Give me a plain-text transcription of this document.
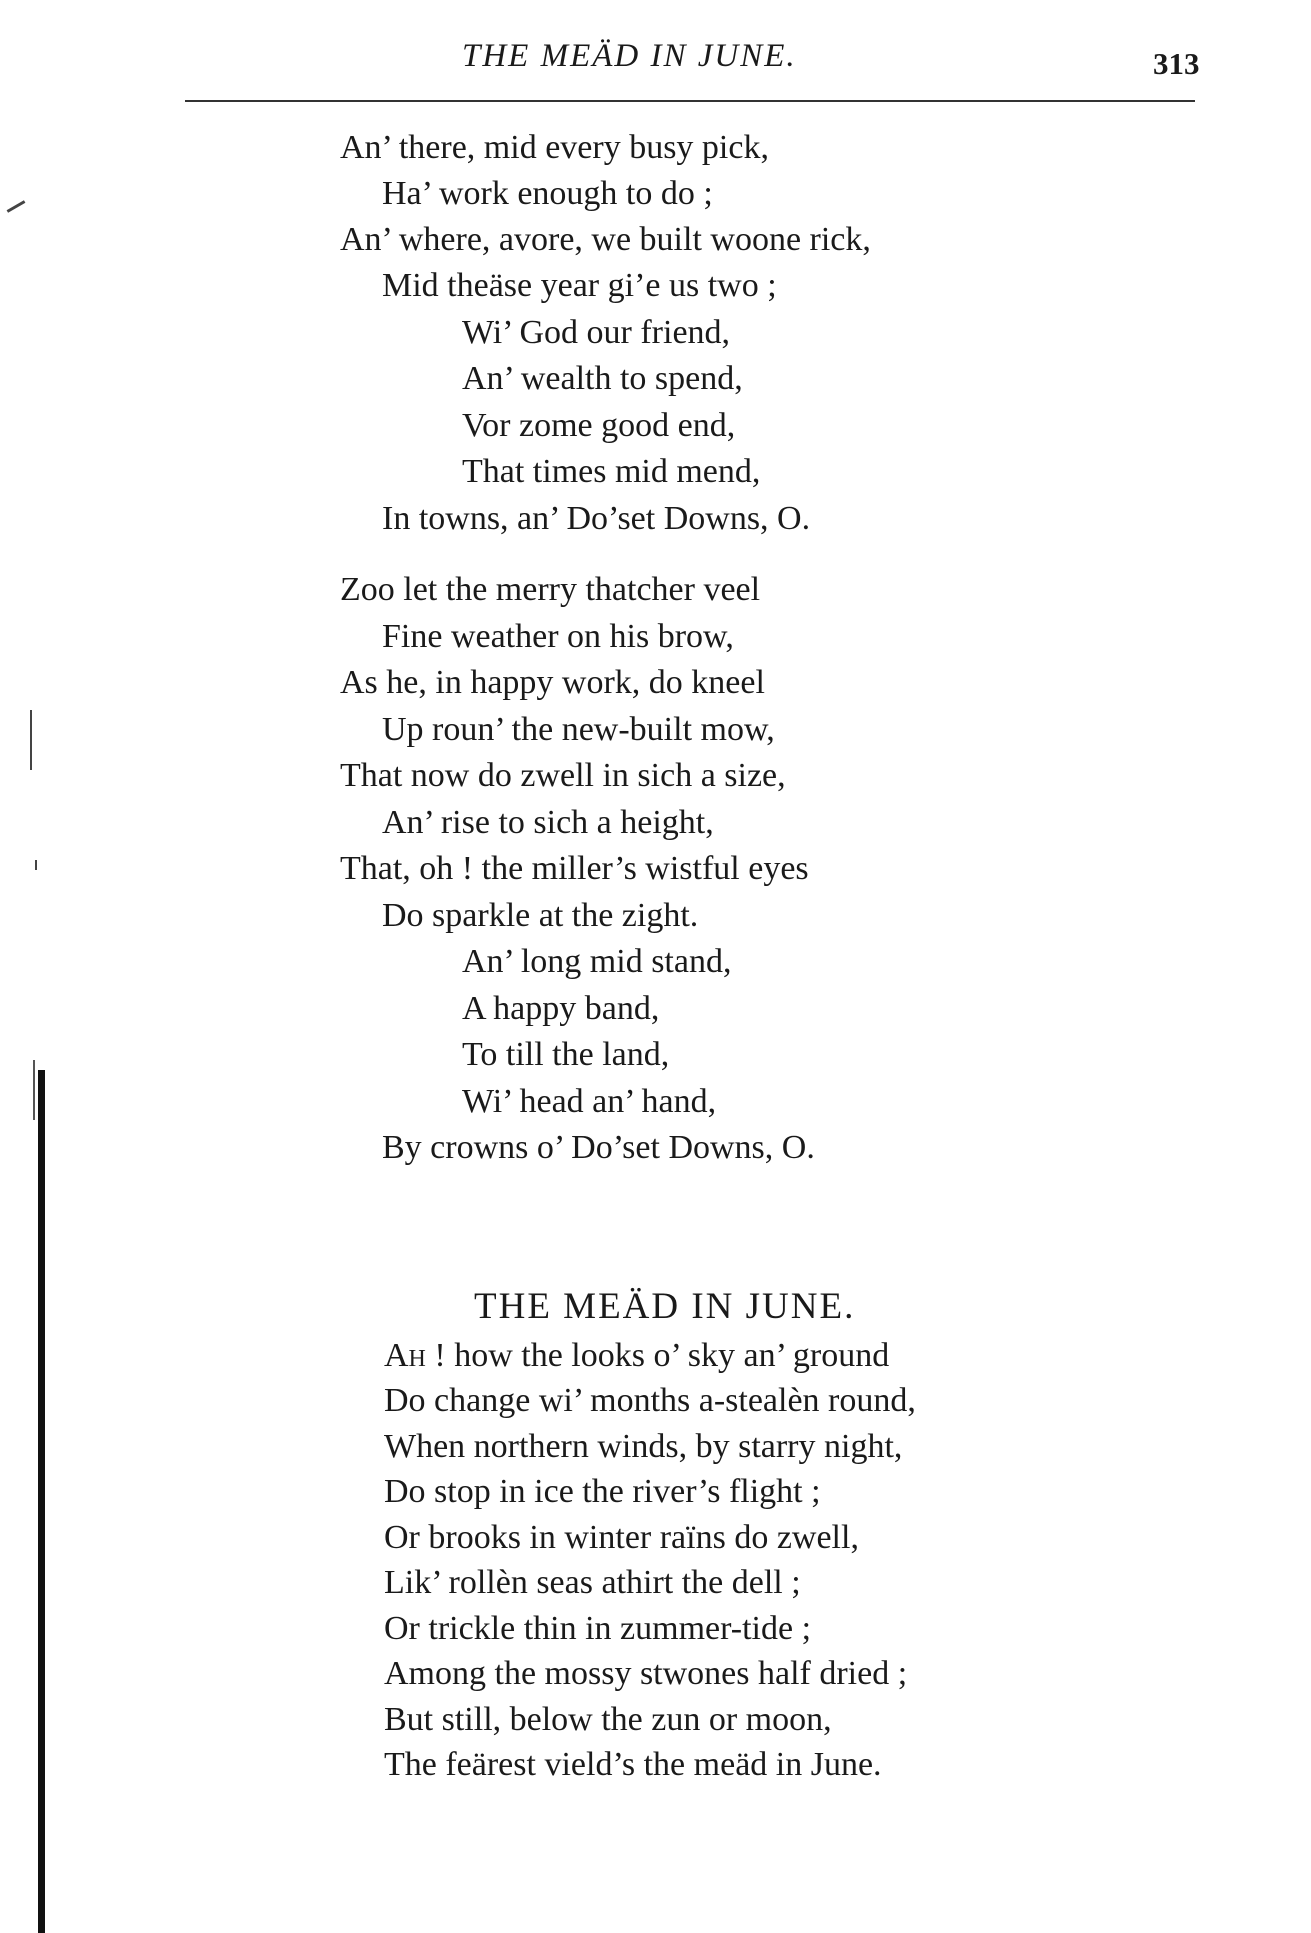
THE MEÄD IN JUNE.	313
An’ there, mid every busy pick,
Ha’ work enough to do ;
An’ where, avore, we built woone rick,
Mid theäse year gi’e us two ;
Wi’ God our friend,
An’ wealth to spend,
Vor zome good end,
That times mid mend,
In towns, an’ Do’set Downs, O.
Zoo let the merry thatcher veel
Fine weather on his brow,
As he, in happy work, do kneel
Up roun’ the new-built mow,
That now do zwell in sich a size,
An’ rise to sich a height,
That, oh ! the miller’s wistful eyes
Do sparkle at the zight.
An’ long mid stand,
A happy band,
To till the land,
Wi’ head an’ hand,
By crowns o’ Do’set Downs, O.
THE MEÄD IN JUNE.
Ah ! how the looks o’ sky an’ ground
Do change wi’ months a-stealèn round,
When northern winds, by starry night,
Do stop in ice the river’s flight ;
Or brooks in winter raïns do zwell,
Lik’ rollèn seas athirt the dell ;
Or trickle thin in zummer-tide ;
Among the mossy stwones half dried ;
But still, below the zun or moon,
The feärest vield’s the meäd in June.
